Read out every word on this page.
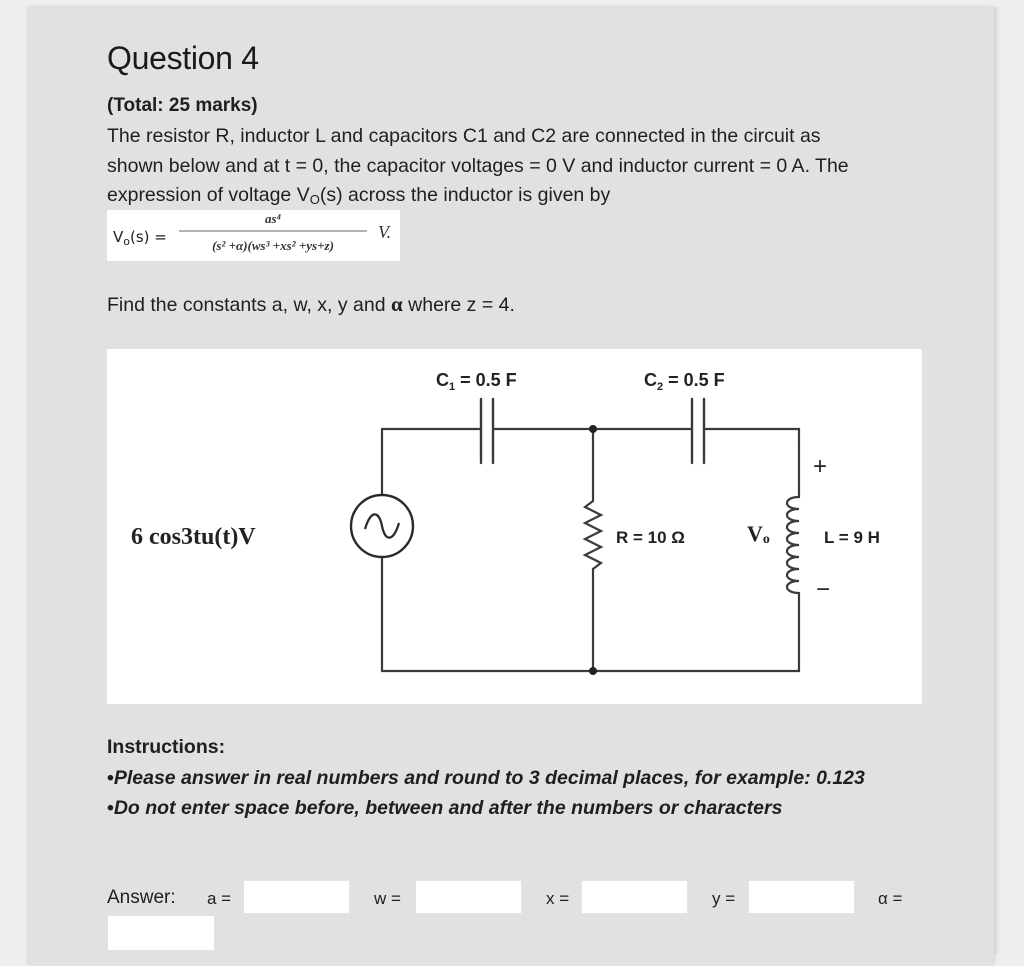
Question 4
(Total: 25 marks)
The resistor R, inductor L and capacitors C1 and C2 are connected in the circuit as
shown below and at t = 0, the capacitor voltages = 0 V and inductor current = 0 A. The
expression of voltage $V_O(s)$ across the inductor is given by
$V_o(s)$ =
as⁴
(s² +α)(ws³ +xs² +ys+z)
V.

Find the constants a, w, x, y and α where z = 4.

6 cos3tu(t)V
$C_1 = 0.5$ F	$C_2 = 0.5$ F
R = 10 Ω	Vo	L = 9 H
+
−
Instructions:
•Please answer in real numbers and round to 3 decimal places, for example: 0.123
•Do not enter space before, between and after the numbers or characters
Answer: a =	w =	x =	y =	α =
